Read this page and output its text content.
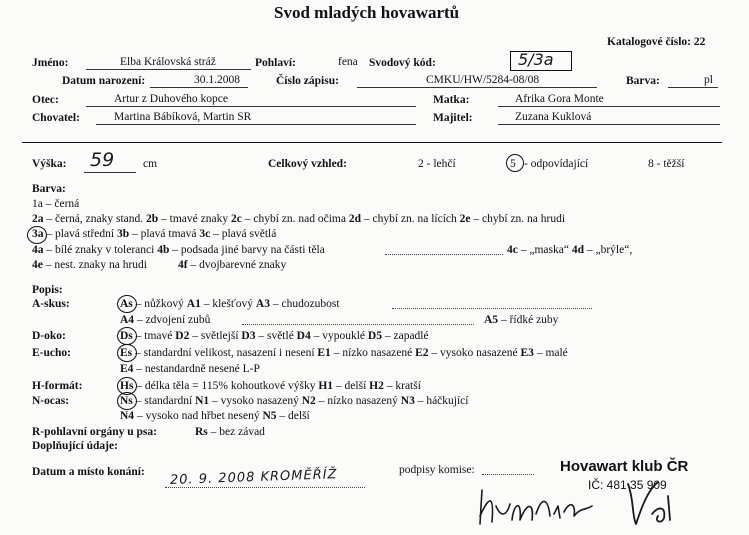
Svod mladých hovawartů
Katalogové číslo: 22
Jméno:	Elba Královská stráž	Pohlaví:	fena Svodový kód:	5/3a
Datum narození:	30.1.2008	Číslo zápisu:	CMKU/HW/5284-08/08	Barva:	pl
Otec:	Artur z Duhového kopce	Matka:	Afrika Gora Monte
Chovatel:	Martina Bábíková, Martin SR	Majitel:	Zuzana Kuklová
Výška: 59	cm	Celkový vzhled:	2 - lehčí	5 - odpovídající	8 - těžší
Barva:
1a – černá
2a – černá, znaky stand. 2b – tmavé znaky 2c – chybí zn. nad očima 2d – chybí zn. na lících 2e – chybí zn. na hrudi
3a – plavá střední 3b – plavá tmavá 3c – plavá světlá
4a – bílé znaky v toleranci 4b – podsada jiné barvy na části těla	4c – „maska“ 4d – „brýle“,
4e – nest. znaky na hrudi	4f – dvojbarevné znaky
Popis:
A-skus:	As – nůžkový A1 – klešťový A3 – chudozubost
A4 – zdvojení zubů	A5 – řídké zuby
D-oko:	Ds – tmavé D2 – světlejší D3 – světlé D4 – vypouklé D5 – zapadlé
E-ucho:	Es – standardní velikost, nasazení i nesení E1 – nízko nasazené E2 – vysoko nasazené E3 – malé
E4 – nestandardně nesené L-P
H-formát:	Hs – délka těla = 115% kohoutkové výšky H1 – delší H2 – kratší
N-ocas:	Ns – standardní N1 – vysoko nasazený N2 – nízko nasazený N3 – háčkující
N4 – vysoko nad hřbet nesený N5 – delší
R-pohlavní orgány u psa:	Rs – bez závad
Doplňující údaje:
Datum a místo konání: 20. 9. 2008 KROMĚŘÍŽ	podpisy komise:	Hovawart klub ČR
IČ: 481 35 909
